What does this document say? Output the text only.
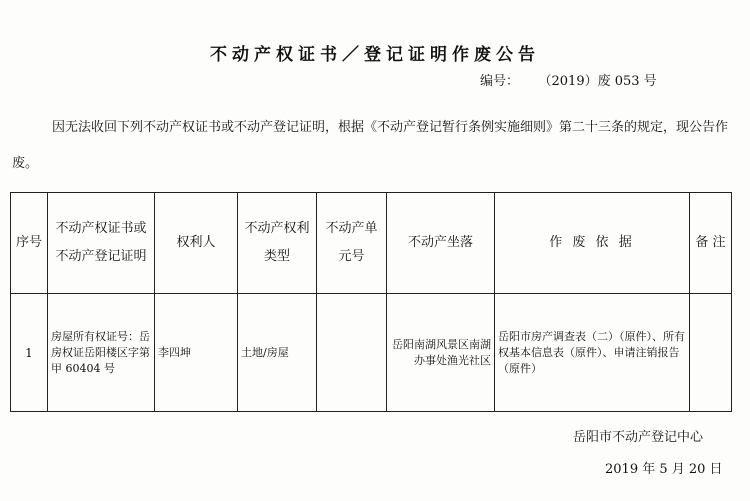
不动产权证书／登记证明作废公告
编号： （2019）废 053 号
因无法收回下列不动产权证书或不动产登记证明，根据《不动产登记暂行条例实施细则》第二十三条的规定，现公告作废。
序号	不动产权证书或不动产登记证明	权利人	不动产权利类型	不动产单元号	不动产坐落	作 废 依 据	备 注
1	房屋所有权证号：岳房权证岳阳楼区字第甲 60404 号	李四坤	土地/房屋		岳阳南湖风景区南湖办事处渔光社区	岳阳市房产调查表（二）（原件）、所有权基本信息表（原件）、申请注销报告（原件）	
岳阳市不动产登记中心
2019 年 5 月 20 日
